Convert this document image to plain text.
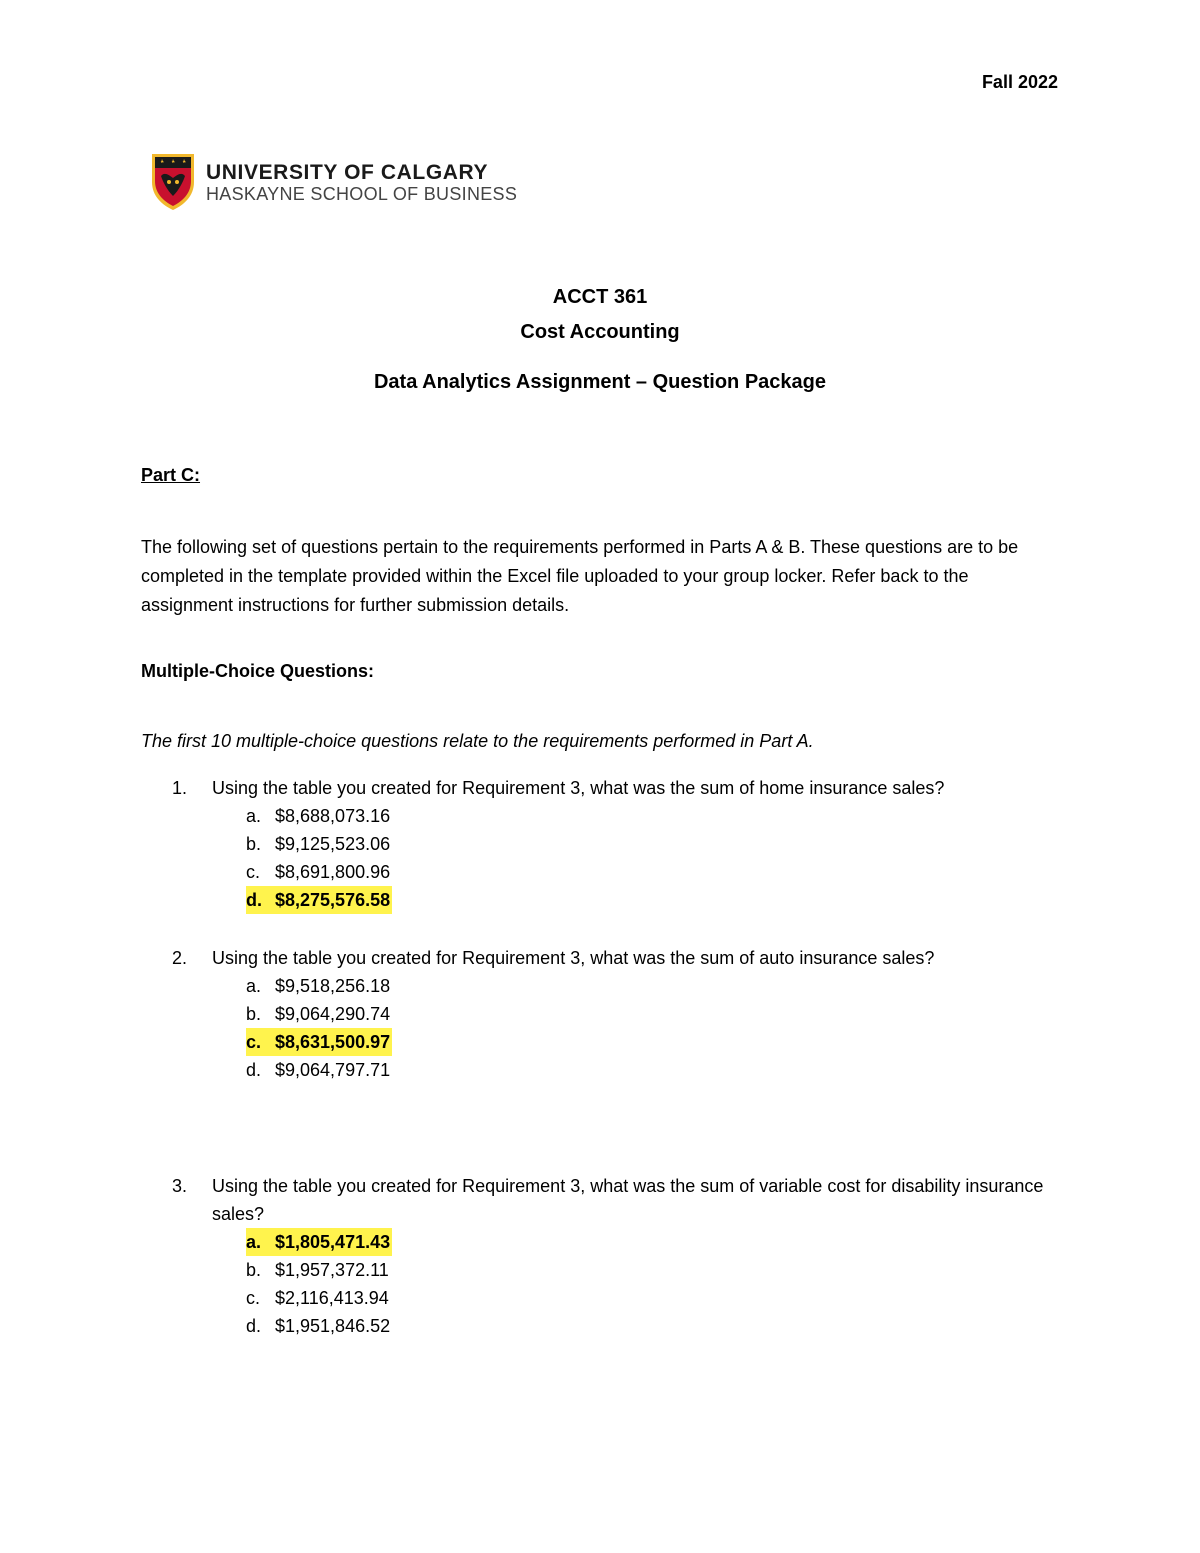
Fall 2022
UNIVERSITY OF CALGARY
HASKAYNE SCHOOL OF BUSINESS
ACCT 361
Cost Accounting
Data Analytics Assignment – Question Package
Part C:

The following set of questions pertain to the requirements performed in Parts A & B. These questions are to be completed in the template provided within the Excel file uploaded to your group locker. Refer back to the assignment instructions for further submission details.

Multiple-Choice Questions:
The first 10 multiple-choice questions relate to the requirements performed in Part A.
1.	Using the table you created for Requirement 3, what was the sum of home insurance sales?
a. $8,688,073.16
b. $9,125,523.06
c. $8,691,800.96
d. $8,275,576.58
2.	Using the table you created for Requirement 3, what was the sum of auto insurance sales?
a. $9,518,256.18
b. $9,064,290.74
c. $8,631,500.97
d. $9,064,797.71
3.	Using the table you created for Requirement 3, what was the sum of variable cost for disability insurance sales?
a. $1,805,471.43
b. $1,957,372.11
c. $2,116,413.94
d. $1,951,846.52
